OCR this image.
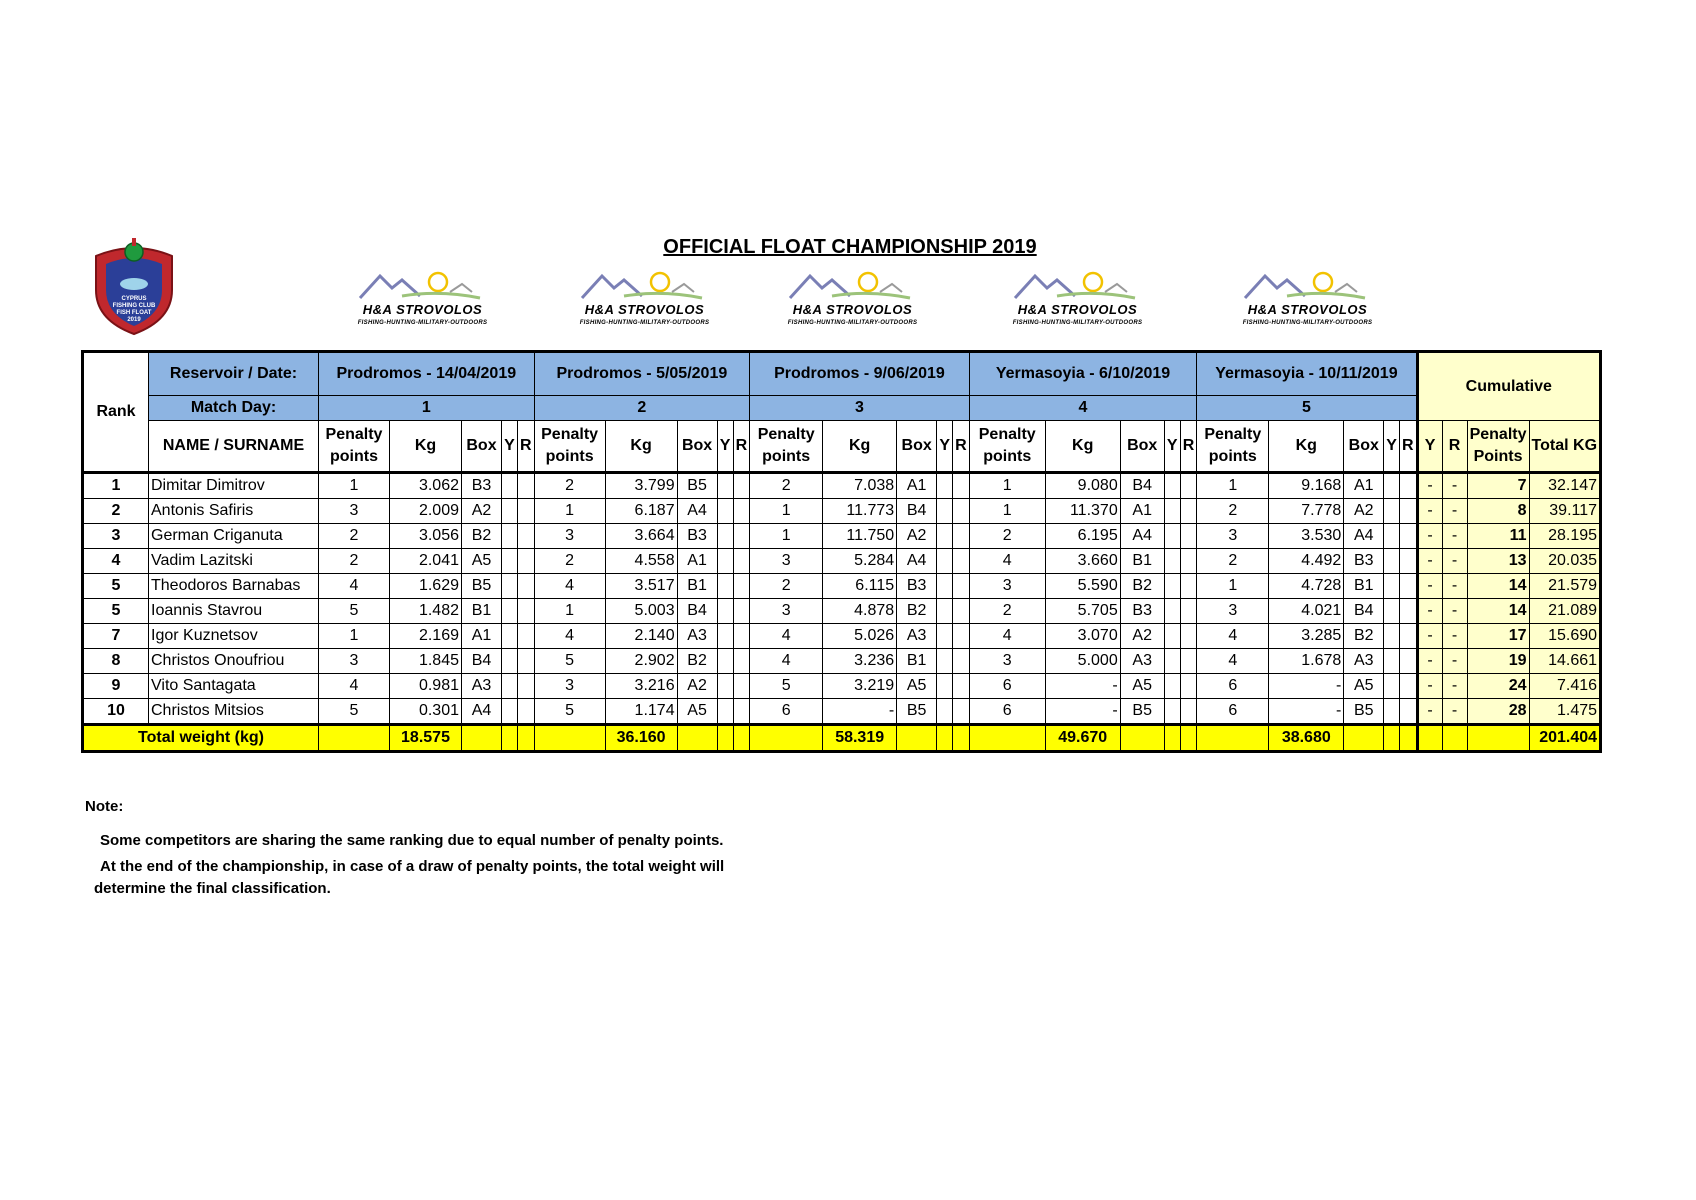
OFFICIAL FLOAT CHAMPIONSHIP 2019
CYPRUS
FISHING CLUB
FISH FLOAT
2019
H&A STROVOLOS
FISHING-HUNTING-MILITARY-OUTDOORS
H&A STROVOLOS
FISHING-HUNTING-MILITARY-OUTDOORS
H&A STROVOLOS
FISHING-HUNTING-MILITARY-OUTDOORS
H&A STROVOLOS
FISHING-HUNTING-MILITARY-OUTDOORS
H&A STROVOLOS
FISHING-HUNTING-MILITARY-OUTDOORS
Rank	Reservoir / Date:	Prodromos - 14/04/2019					Prodromos - 5/05/2019					Prodromos - 9/06/2019					Yermasoyia - 6/10/2019					Yermasoyia - 10/11/2019					Cumulative			
	Match Day:	1					2					3					4					5								
	NAME / SURNAME	Penalty points	Kg	Box	Y	R	Penalty points	Kg	Box	Y	R	Penalty points	Kg	Box	Y	R	Penalty points	Kg	Box	Y	R	Penalty points	Kg	Box	Y	R	Y	R	Penalty Points	Total KG
1	Dimitar Dimitrov	1	3.062	B3			2	3.799	B5			2	7.038	A1			1	9.080	B4			1	9.168	A1			-	-	7	32.147
2	Antonis Safiris	3	2.009	A2			1	6.187	A4			1	11.773	B4			1	11.370	A1			2	7.778	A2			-	-	8	39.117
3	German Criganuta	2	3.056	B2			3	3.664	B3			1	11.750	A2			2	6.195	A4			3	3.530	A4			-	-	11	28.195
4	Vadim Lazitski	2	2.041	A5			2	4.558	A1			3	5.284	A4			4	3.660	B1			2	4.492	B3			-	-	13	20.035
5	Theodoros Barnabas	4	1.629	B5			4	3.517	B1			2	6.115	B3			3	5.590	B2			1	4.728	B1			-	-	14	21.579
5	Ioannis Stavrou	5	1.482	B1			1	5.003	B4			3	4.878	B2			2	5.705	B3			3	4.021	B4			-	-	14	21.089
7	Igor Kuznetsov	1	2.169	A1			4	2.140	A3			4	5.026	A3			4	3.070	A2			4	3.285	B2			-	-	17	15.690
8	Christos Onoufriou	3	1.845	B4			5	2.902	B2			4	3.236	B1			3	5.000	A3			4	1.678	A3			-	-	19	14.661
9	Vito Santagata	4	0.981	A3			3	3.216	A2			5	3.219	A5			6	-	A5			6	-	A5			-	-	24	7.416
10	Christos Mitsios	5	0.301	A4			5	1.174	A5			6	-	B5			6	-	B5			6	-	B5			-	-	28	1.475
Total weight (kg)			18.575					36.160					58.319					49.670					38.680							201.404
Note:
Some competitors are sharing the same ranking due to equal number of penalty points.
At the end of the championship, in case of a draw of penalty points, the total weight will
determine the final classification.
